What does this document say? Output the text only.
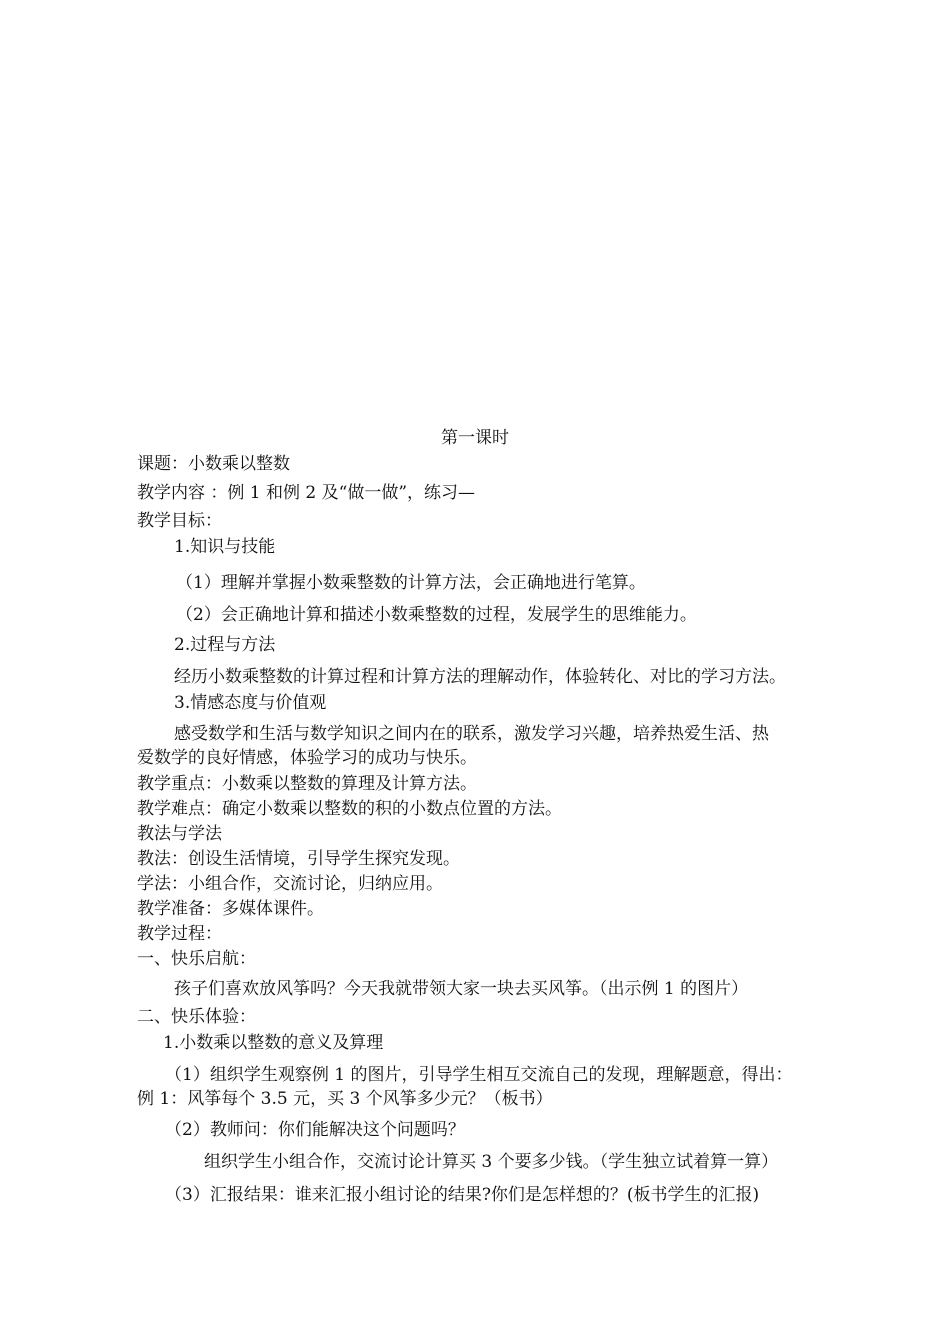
第一课时
课题：小数乘以整数
教学内容 ：例 1 和例 2 及“做一做”，练习—
教学目标：
1.知识与技能
（1）理解并掌握小数乘整数的计算方法，会正确地进行笔算。
（2）会正确地计算和描述小数乘整数的过程，发展学生的思维能力。
2.过程与方法
经历小数乘整数的计算过程和计算方法的理解动作，体验转化、对比的学习方法。
3.情感态度与价值观
感受数学和生活与数学知识之间内在的联系，激发学习兴趣，培养热爱生活、热
爱数学的良好情感，体验学习的成功与快乐。
教学重点：小数乘以整数的算理及计算方法。
教学难点：确定小数乘以整数的积的小数点位置的方法。
教法与学法
教法：创设生活情境，引导学生探究发现。
学法：小组合作，交流讨论，归纳应用。
教学准备：多媒体课件。
教学过程：
一、快乐启航：
孩子们喜欢放风筝吗？今天我就带领大家一块去买风筝。（出示例 1 的图片）
二、快乐体验：
1.小数乘以整数的意义及算理
（1）组织学生观察例 1 的图片，引导学生相互交流自己的发现，理解题意，得出：
例 1：风筝每个 3.5 元，买 3 个风筝多少元？（板书）
（2）教师问：你们能解决这个问题吗？
组织学生小组合作，交流讨论计算买 3 个要多少钱。（学生独立试着算一算）
（3）汇报结果：谁来汇报小组讨论的结果?你们是怎样想的？(板书学生的汇报)
